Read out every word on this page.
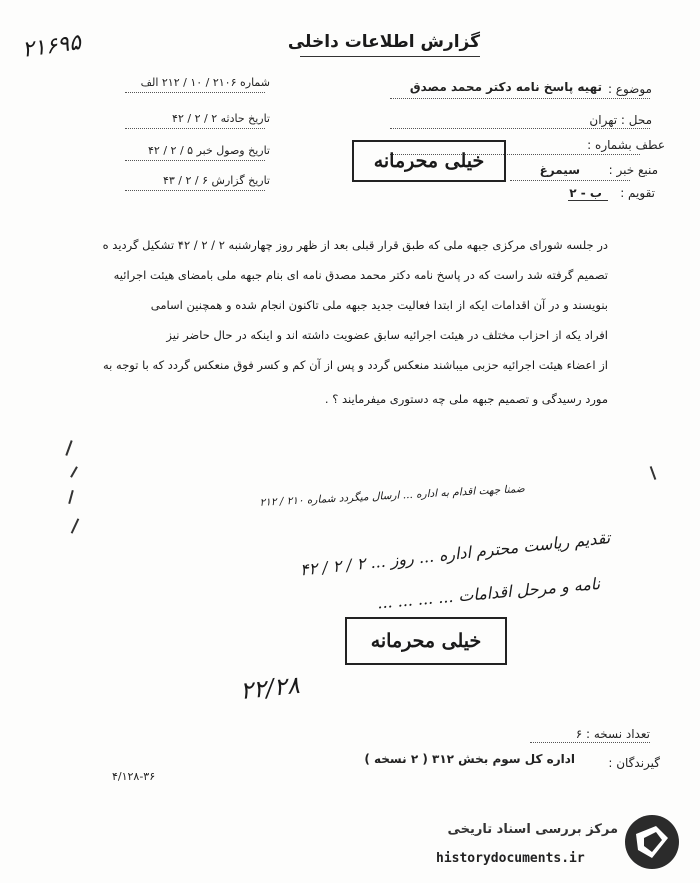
گزارش اطلاعات داخلی
۲۱۶۹۵
شماره ۲۱۰۶ / ۱۰ / ۲۱۲ الف
تاریخ حادثه ۲ / ۲ / ۴۲
تاریخ وصول خبر ۵ / ۲ / ۴۲
تاریخ گزارش ۶ / ۲ / ۴۳
موضوع :
تهیه پاسخ نامه دکتر محمد مصدق
محل : تهران
عطف بشماره :
منبع خبر :
سیمرغ
تقویم :
ب - ۲
خیلی محرمانه
در جلسه شورای مرکزی جبهه ملی که طبق قرار قبلی بعد از ظهر روز چهارشنبه ۲ / ۲ / ۴۲ تشکیل گردید ه
تصمیم گرفته شد راست که در پاسخ نامه دکتر محمد مصدق نامه ای بنام جبهه ملی بامضای هیئت اجرائیه
بنویسند و در آن اقدامات ایکه از ابتدا فعالیت جدید جبهه ملی تاکنون انجام شده و همچنین اسامی
افراد یکه از احزاب مختلف در هیئت اجرائیه سابق عضویت داشته اند و اینکه در حال حاضر نیز
از اعضاء هیئت اجرائیه حزبی میباشند منعکس گردد و پس از آن کم و کسر فوق منعکس گردد که با توجه به
مورد رسیدگی و تصمیم جبهه ملی چه دستوری میفرمایند ؟ .
ضمنا جهت اقدام به اداره ... ارسال میگردد شماره ۲۱۰ / ۲۱۲
تقدیم ریاست محترم اداره ... روز ... ۲ / ۲ / ۴۲
نامه و مرحل اقدامات ... ... ... ...
خیلی محرمانه
۲۲/۲۸
تعداد نسخه : ۶
گیرندگان :
اداره کل سوم بخش ۳۱۲ ( ۲ نسخه )
۴/۱۲۸-۳۶
مرکز بررسی اسناد تاریخی
historydocuments.ir
